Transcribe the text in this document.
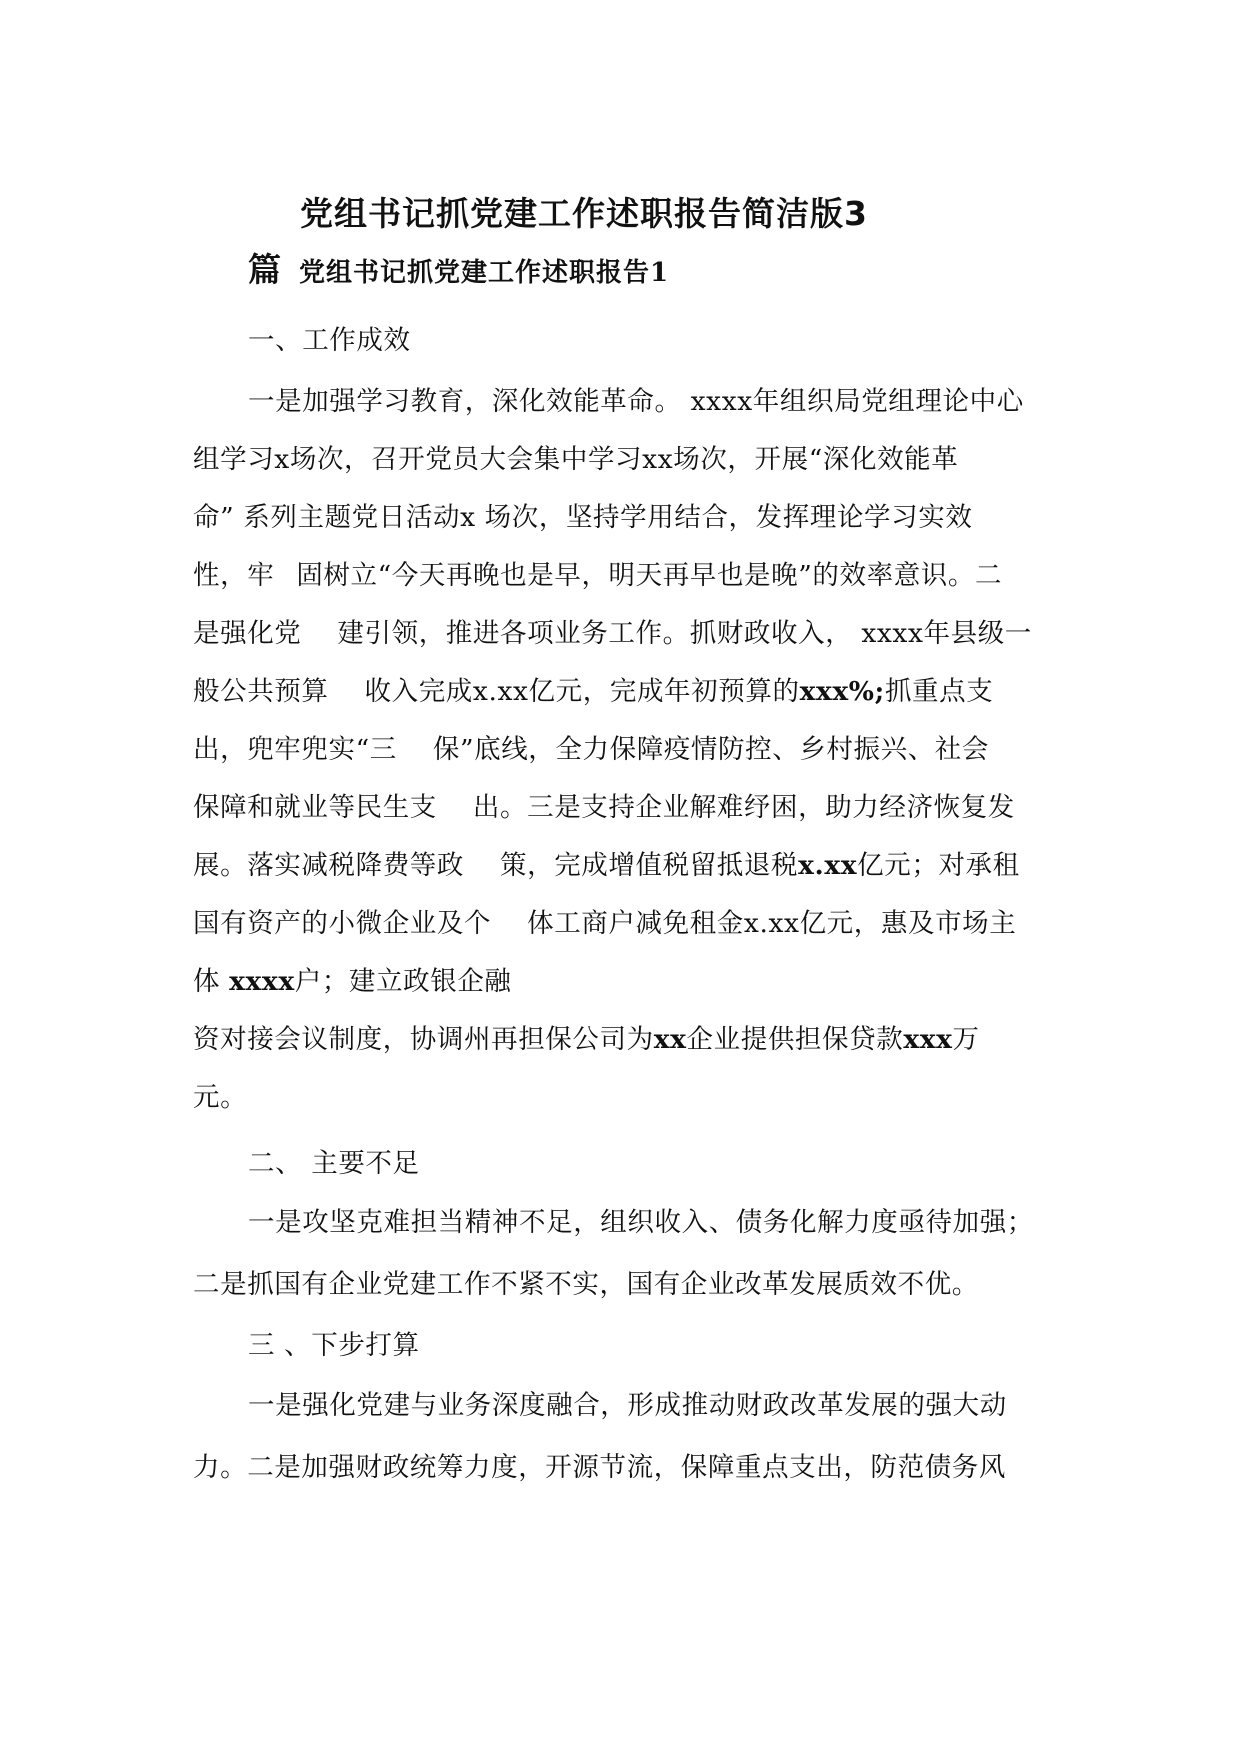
党组书记抓党建工作述职报告简洁版3
篇 党组书记抓党建工作述职报告1
一、工作成效
一是加强学习教育，深化效能革命。 xxxx年组织局党组理论中心
组学习x场次，召开党员大会集中学习xx场次，开展“深化效能革
命” 系列主题党日活动x 场次，坚持学用结合，发挥理论学习实效
性，牢 固树立“今天再晚也是早，明天再早也是晚”的效率意识。二
是强化党 建引领，推进各项业务工作。抓财政收入， xxxx年县级一
般公共预算 收入完成x.xx亿元，完成年初预算的xxx%;抓重点支
出，兜牢兜实“三 保”底线，全力保障疫情防控、乡村振兴、社会
保障和就业等民生支 出。三是支持企业解难纾困，助力经济恢复发
展。落实减税降费等政 策，完成增值税留抵退税x.xx亿元；对承租
国有资产的小微企业及个 体工商户减免租金x.xx亿元，惠及市场主
体 xxxx户；建立政银企融
资对接会议制度，协调州再担保公司为xx企业提供担保贷款xxx万
元。
二、 主要不足
一是攻坚克难担当精神不足，组织收入、债务化解力度亟待加强；
二是抓国有企业党建工作不紧不实，国有企业改革发展质效不优。
三 、下步打算
一是强化党建与业务深度融合，形成推动财政改革发展的强大动
力。二是加强财政统筹力度，开源节流，保障重点支出，防范债务风
